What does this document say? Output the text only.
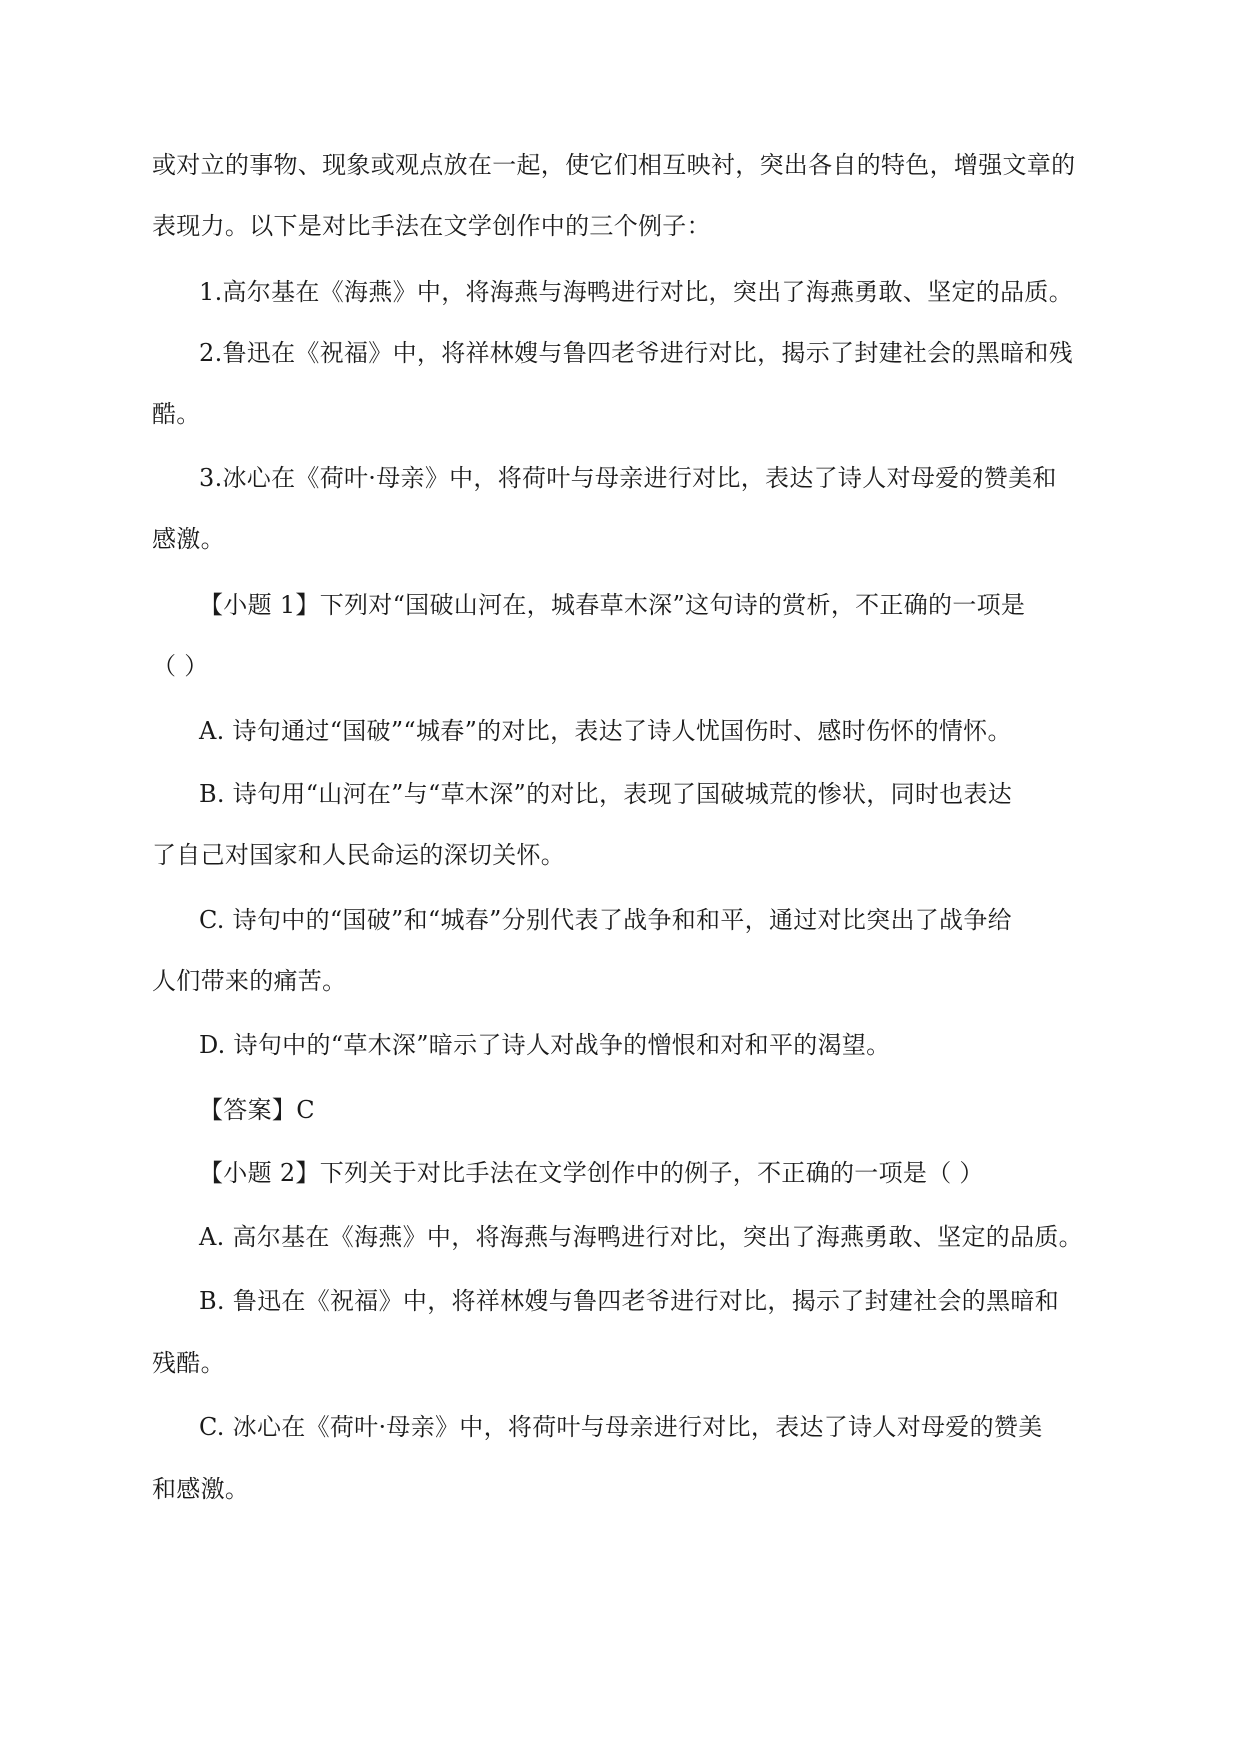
或对立的事物、现象或观点放在一起，使它们相互映衬，突出各自的特色，增强文章的
表现力。以下是对比手法在文学创作中的三个例子：
1.高尔基在《海燕》中，将海燕与海鸭进行对比，突出了海燕勇敢、坚定的品质。
2.鲁迅在《祝福》中，将祥林嫂与鲁四老爷进行对比，揭示了封建社会的黑暗和残
酷。
3.冰心在《荷叶·母亲》中，将荷叶与母亲进行对比，表达了诗人对母爱的赞美和
感激。
【小题 1】下列对“国破山河在，城春草木深”这句诗的赏析，不正确的一项是
（ ）
A. 诗句通过“国破”“城春”的对比，表达了诗人忧国伤时、感时伤怀的情怀。
B. 诗句用“山河在”与“草木深”的对比，表现了国破城荒的惨状，同时也表达
了自己对国家和人民命运的深切关怀。
C. 诗句中的“国破”和“城春”分别代表了战争和和平，通过对比突出了战争给
人们带来的痛苦。
D. 诗句中的“草木深”暗示了诗人对战争的憎恨和对和平的渴望。
【答案】C
【小题 2】下列关于对比手法在文学创作中的例子，不正确的一项是（ ）
A. 高尔基在《海燕》中，将海燕与海鸭进行对比，突出了海燕勇敢、坚定的品质。
B. 鲁迅在《祝福》中，将祥林嫂与鲁四老爷进行对比，揭示了封建社会的黑暗和
残酷。
C. 冰心在《荷叶·母亲》中，将荷叶与母亲进行对比，表达了诗人对母爱的赞美
和感激。
